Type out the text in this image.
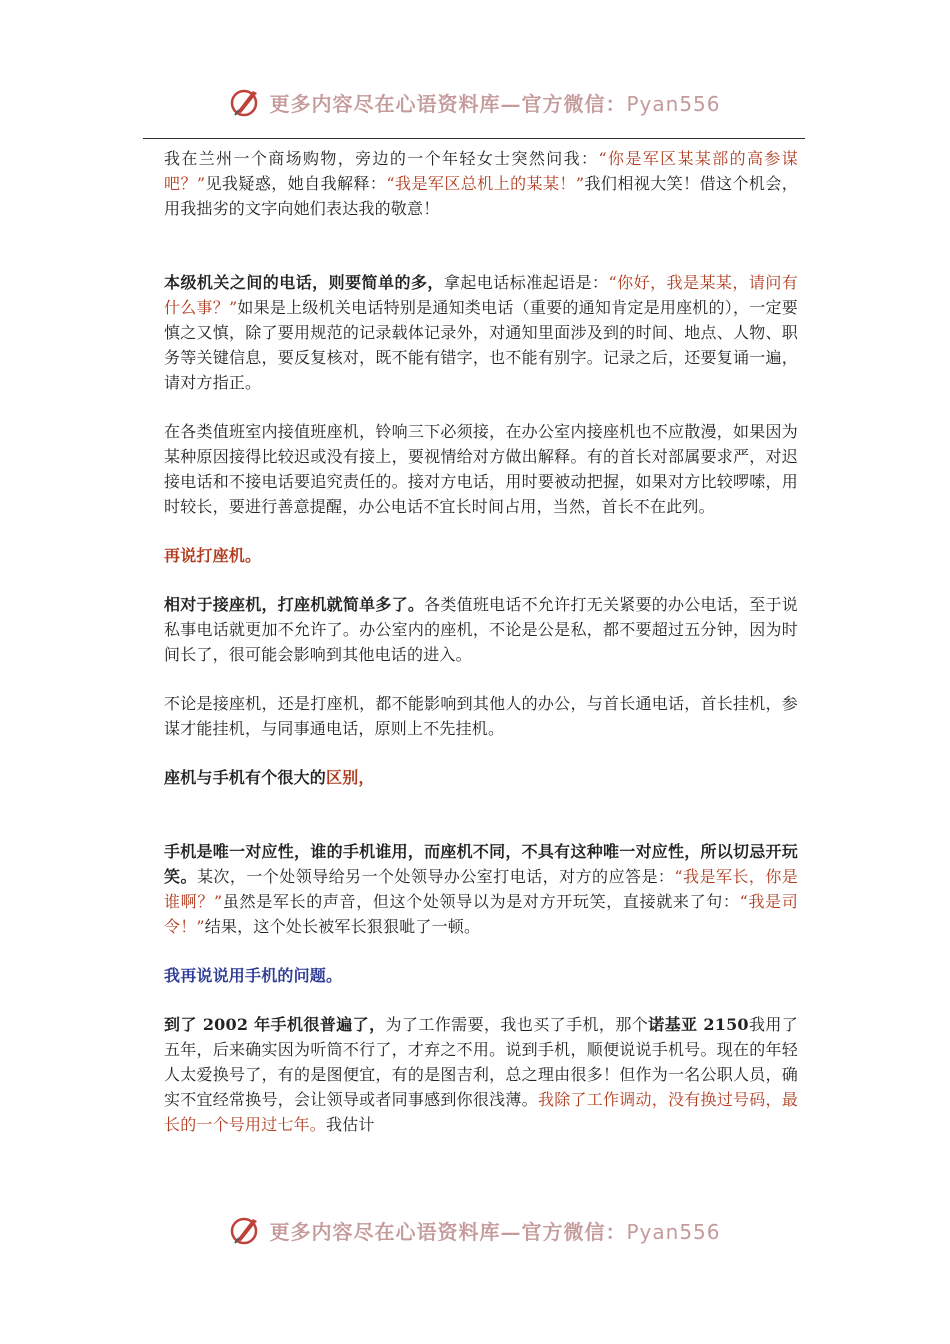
更多内容尽在心语资料库—官方微信：Pyan556

我在兰州一个商场购物，旁边的一个年轻女士突然问我：“你是军区某某部的高参谋吧？”见我疑惑，她自我解释：“我是军区总机上的某某！”我们相视大笑！借这个机会，用我拙劣的文字向她们表达我的敬意！

本级机关之间的电话，则要简单的多，拿起电话标准起语是：“你好，我是某某，请问有什么事？”如果是上级机关电话特别是通知类电话（重要的通知肯定是用座机的），一定要慎之又慎，除了要用规范的记录载体记录外，对通知里面涉及到的时间、地点、人物、职务等关键信息，要反复核对，既不能有错字，也不能有别字。记录之后，还要复诵一遍，请对方指正。

在各类值班室内接值班座机，铃响三下必须接，在办公室内接座机也不应散漫，如果因为某种原因接得比较迟或没有接上，要视情给对方做出解释。有的首长对部属要求严，对迟接电话和不接电话要追究责任的。接对方电话，用时要被动把握，如果对方比较啰嗦，用时较长，要进行善意提醒，办公电话不宜长时间占用，当然，首长不在此列。

再说打座机。

相对于接座机，打座机就简单多了。各类值班电话不允许打无关紧要的办公电话，至于说私事电话就更加不允许了。办公室内的座机，不论是公是私，都不要超过五分钟，因为时间长了，很可能会影响到其他电话的进入。

不论是接座机，还是打座机，都不能影响到其他人的办公，与首长通电话，首长挂机，参谋才能挂机，与同事通电话，原则上不先挂机。

座机与手机有个很大的区别，

手机是唯一对应性，谁的手机谁用，而座机不同，不具有这种唯一对应性，所以切忌开玩笑。某次，一个处领导给另一个处领导办公室打电话，对方的应答是：“我是军长，你是谁啊？”虽然是军长的声音，但这个处领导以为是对方开玩笑，直接就来了句：“我是司令！”结果，这个处长被军长狠狠呲了一顿。

我再说说用手机的问题。

到了 2002 年手机很普遍了，为了工作需要，我也买了手机，那个诺基亚 2150我用了五年，后来确实因为听筒不行了，才弃之不用。说到手机，顺便说说手机号。现在的年轻人太爱换号了，有的是图便宜，有的是图吉利，总之理由很多！但作为一名公职人员，确实不宜经常换号，会让领导或者同事感到你很浅薄。我除了工作调动，没有换过号码，最长的一个号用过七年。我估计

更多内容尽在心语资料库—官方微信：Pyan556
